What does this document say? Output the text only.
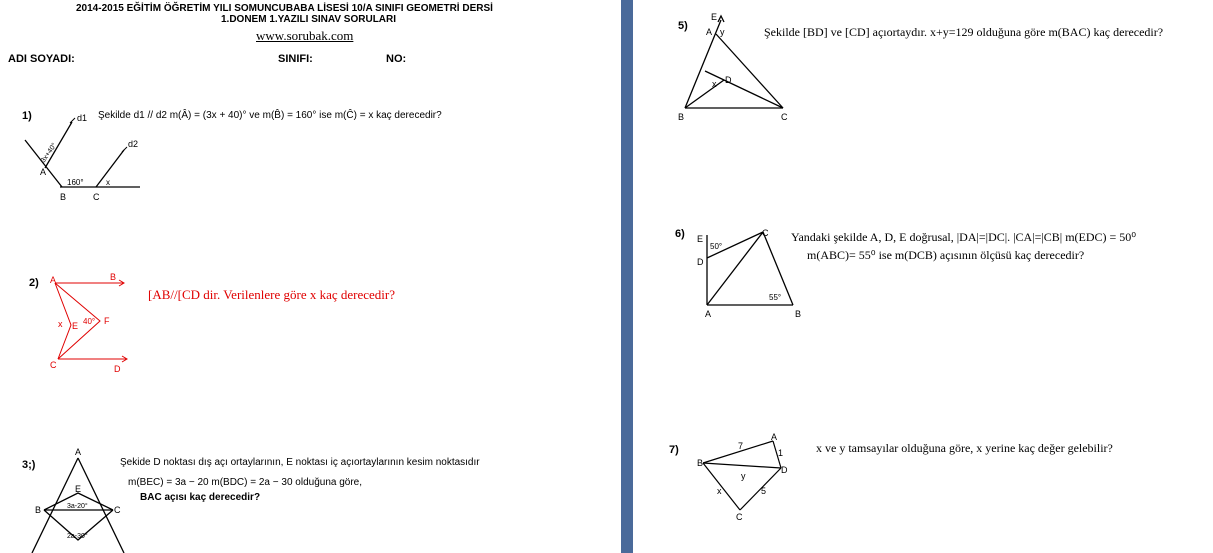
2014-2015 EĞİTİM ÖĞRETİM YILI SOMUNCUBABA LİSESİ 10/A SINIFI GEOMETRİ DERSİ
1.DONEM 1.YAZILI SINAV SORULARI
www.sorubak.com
ADI SOYADI:	SINIFI:	NO:
1)	Şekilde d1 // d2 m(Â) = (3x + 40)° ve m(B̂) = 160° ise m(Ĉ) = x kaç derecedir?
d1
d2
3x+40°
A
B	C
160°	x
2)
[AB//[CD dir. Verilenlere göre x kaç derecedir?
A	B
C	D
E	F
x	40°
3;)	Şekide D noktası dış açı ortaylarının, E noktası iç açıortaylarının kesim noktasıdır
m(BEC) = 3a − 20 m(BDC) = 2a − 30 olduğuna göre,
BAC açısı kaç derecedir?
A
B	C
E
3a-20°
2a-30°
5)	Şekilde [BD] ve [CD] açıortaydır. x+y=129 olduğuna göre m(BAC) kaç derecedir?
E
A y
D
x
B	C
6)	Yandaki şekilde A, D, E doğrusal, |DA|=|DC|. |CA|=|CB| m(EDC) = 50⁰
m(ABC)= 55⁰ ise m(DCB) açısının ölçüsü kaç derecedir?
E
C
D
A	B
50°
55°
7)	x ve y tamsayılar olduğuna göre, x yerine kaç değer gelebilir?
A
B
C
D
7
1
y
x	5
